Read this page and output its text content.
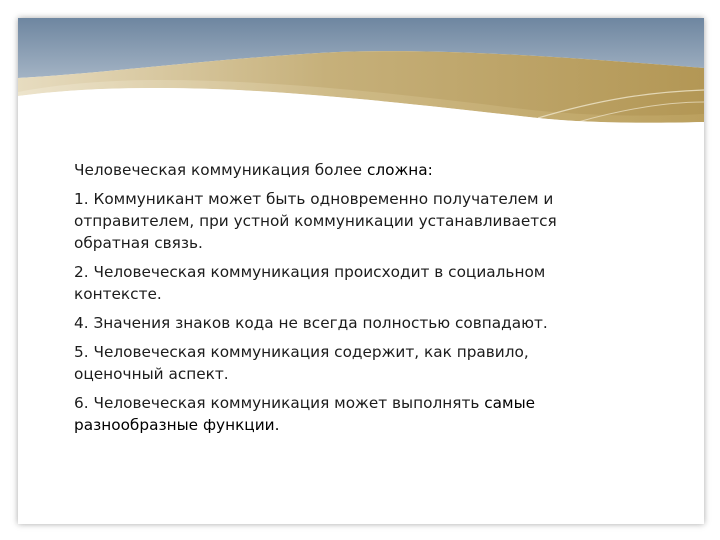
Человеческая коммуникация более сложна:

1. Коммуникант может быть одновременно получателем и отправителем, при устной коммуникации устанавливается обратная связь.

2. Человеческая коммуникация происходит в социальном контексте.

4. Значения знаков кода не всегда полностью совпадают.

5. Человеческая коммуникация содержит, как правило, оценочный аспект.

6. Человеческая коммуникация может выполнять самые разнообразные функции.
